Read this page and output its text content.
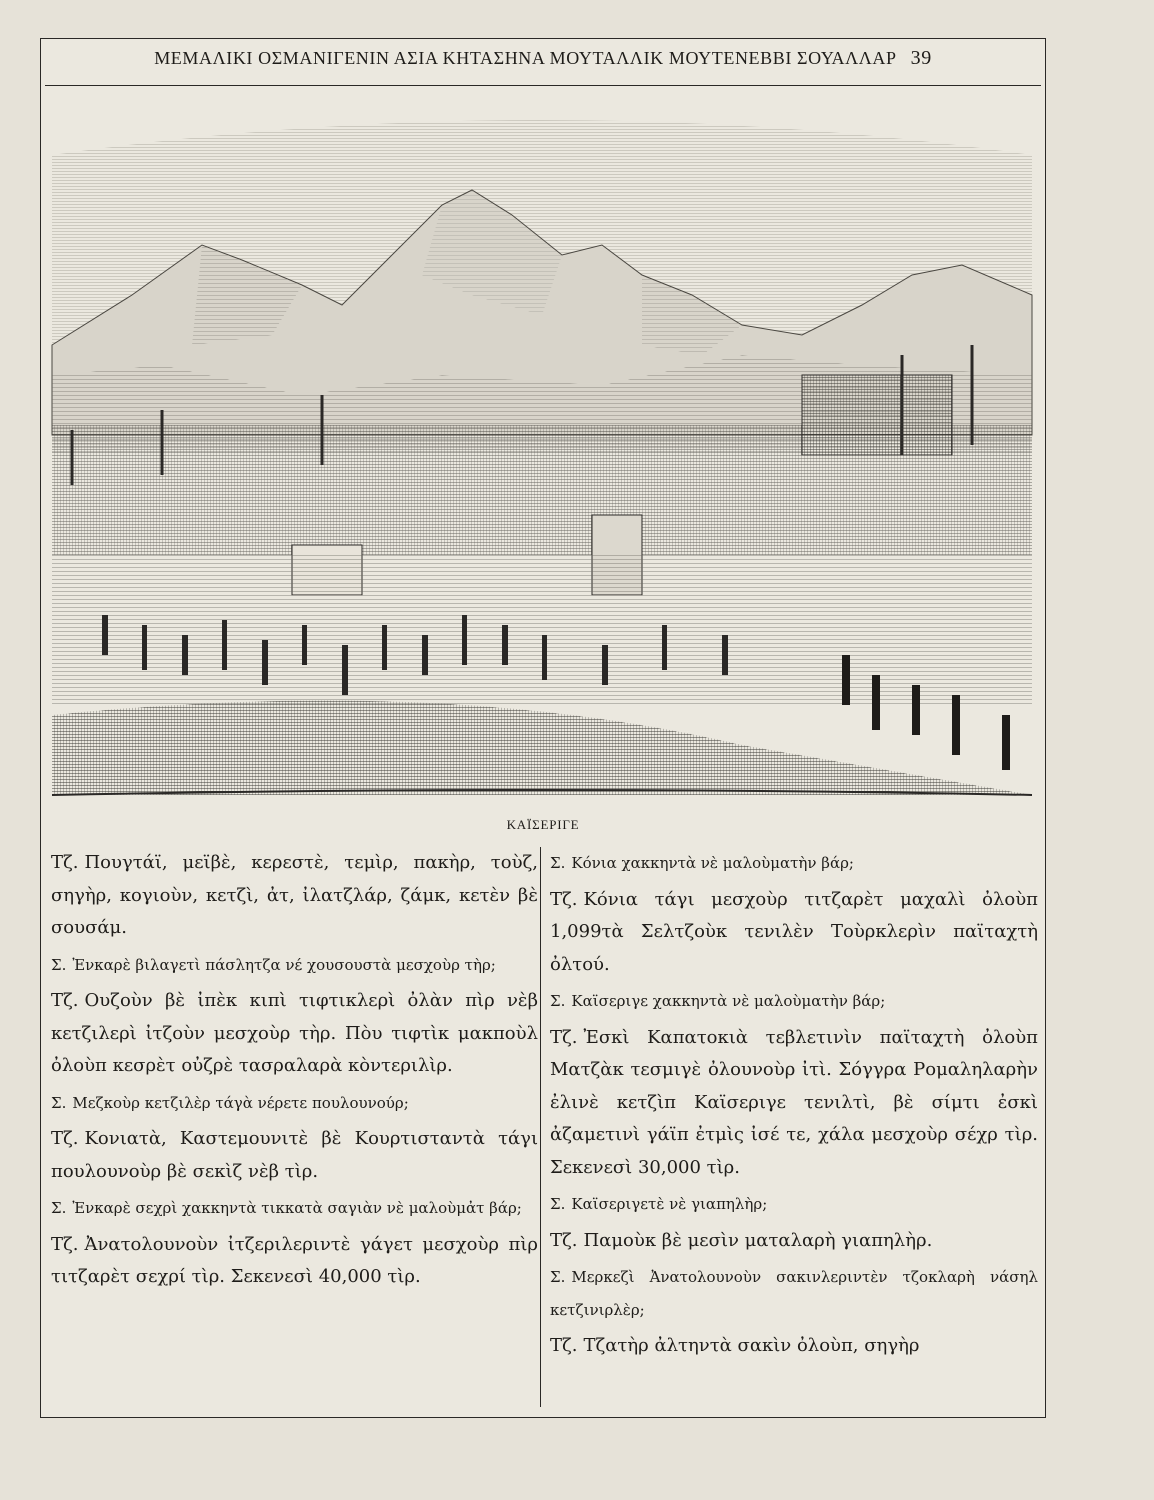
ΜΕΜΑΛΙΚΙ ΟΣΜΑΝΙΓΕΝΙΝ ΑΣΙΑ ΚΗΤΑΣΗΝΑ ΜΟΥΤΑΛΛΙΚ ΜΟΥΤΕΝΕΒΒΙ ΣΟΥΑΛΛΑΡ 39
ΚΑΪΣΕΡΙΓΕ

Τζ. Πουγτάϊ, μεϊβὲ, κερεστὲ, τεμὶρ, πακὴρ, τοὺζ, σηγὴρ, κογιοὺν, κετζὶ, ἀτ, ἰλατζλάρ, ζάμκ, κετὲν βὲ σουσάμ.

Σ. Ἐνκαρὲ βιλαγετὶ πάσλητζα νέ χουσουστὰ μεσχοὺρ τὴρ;

Τζ. Ουζοὺν βὲ ἰπὲκ κιπὶ τιφτικλερὶ ὀλὰν πὶρ νὲβ κετζιλερὶ ἰτζοὺν μεσχοὺρ τὴρ. Πὸυ τιφτὶκ μακποὺλ ὀλοὺπ κεσρὲτ οὐζρὲ τασραλαρὰ κὸντεριλὶρ.

Σ. Μεζκοὺρ κετζιλὲρ τάγὰ νέρετε πουλουνούρ;

Τζ. Κονιατὰ, Καστεμουνιτὲ βὲ Κουρτισταντὰ τάγι πουλουνοὺρ βὲ σεκὶζ νὲβ τὶρ.

Σ. Ἐνκαρὲ σεχρὶ χακκηντὰ τικκατὰ σαγιὰν νὲ μαλοὺμἀτ βάρ;

Τζ. Ἀνατολουνοὺν ἰτζεριλεριντὲ γάγετ μεσχοὺρ πὶρ τιτζαρὲτ σεχρί τὶρ. Σεκενεσὶ 40,000 τὶρ.

Σ. Κόνια χακκηντὰ νὲ μαλοὺματὴν βάρ;

Τζ. Κόνια τάγι μεσχοὺρ τιτζαρὲτ μαχαλὶ ὀλοὺπ 1,099τὰ Σελτζοὺκ τενιλὲν Τοὺρκλερὶν παϊταχτὴ ὀλτού.

Σ. Καϊσεριγε χακκηντὰ νὲ μαλοὺματὴν βάρ;

Τζ. Ἐσκὶ Καπατοκιὰ τεβλετινὶν παϊταχτὴ ὀλοὺπ Ματζὰκ τεσμιγὲ ὀλουνοὺρ ἰτὶ. Σόγγρα Ρομαληλαρὴν ἐλινὲ κετζὶπ Καϊσεριγε τενιλτὶ, βὲ σίμτι ἐσκὶ ἀζαμετινὶ γάϊπ ἐτμὶς ἰσέ τε, χάλα μεσχοὺρ σέχρ τὶρ. Σεκενεσὶ 30,000 τὶρ.

Σ. Καϊσεριγετὲ νὲ γιαπηλὴρ;

Τζ. Παμοὺκ βὲ μεσὶν ματαλαρὴ γιαπηλὴρ.

Σ. Μερκεζὶ Ἀνατολουνοὺν σακινλεριντὲν τζοκλαρὴ νάσηλ κετζινιρλὲρ;

Τζ. Τζατὴρ ἀλτηντὰ σακὶν ὀλοὺπ, σηγὴρ
